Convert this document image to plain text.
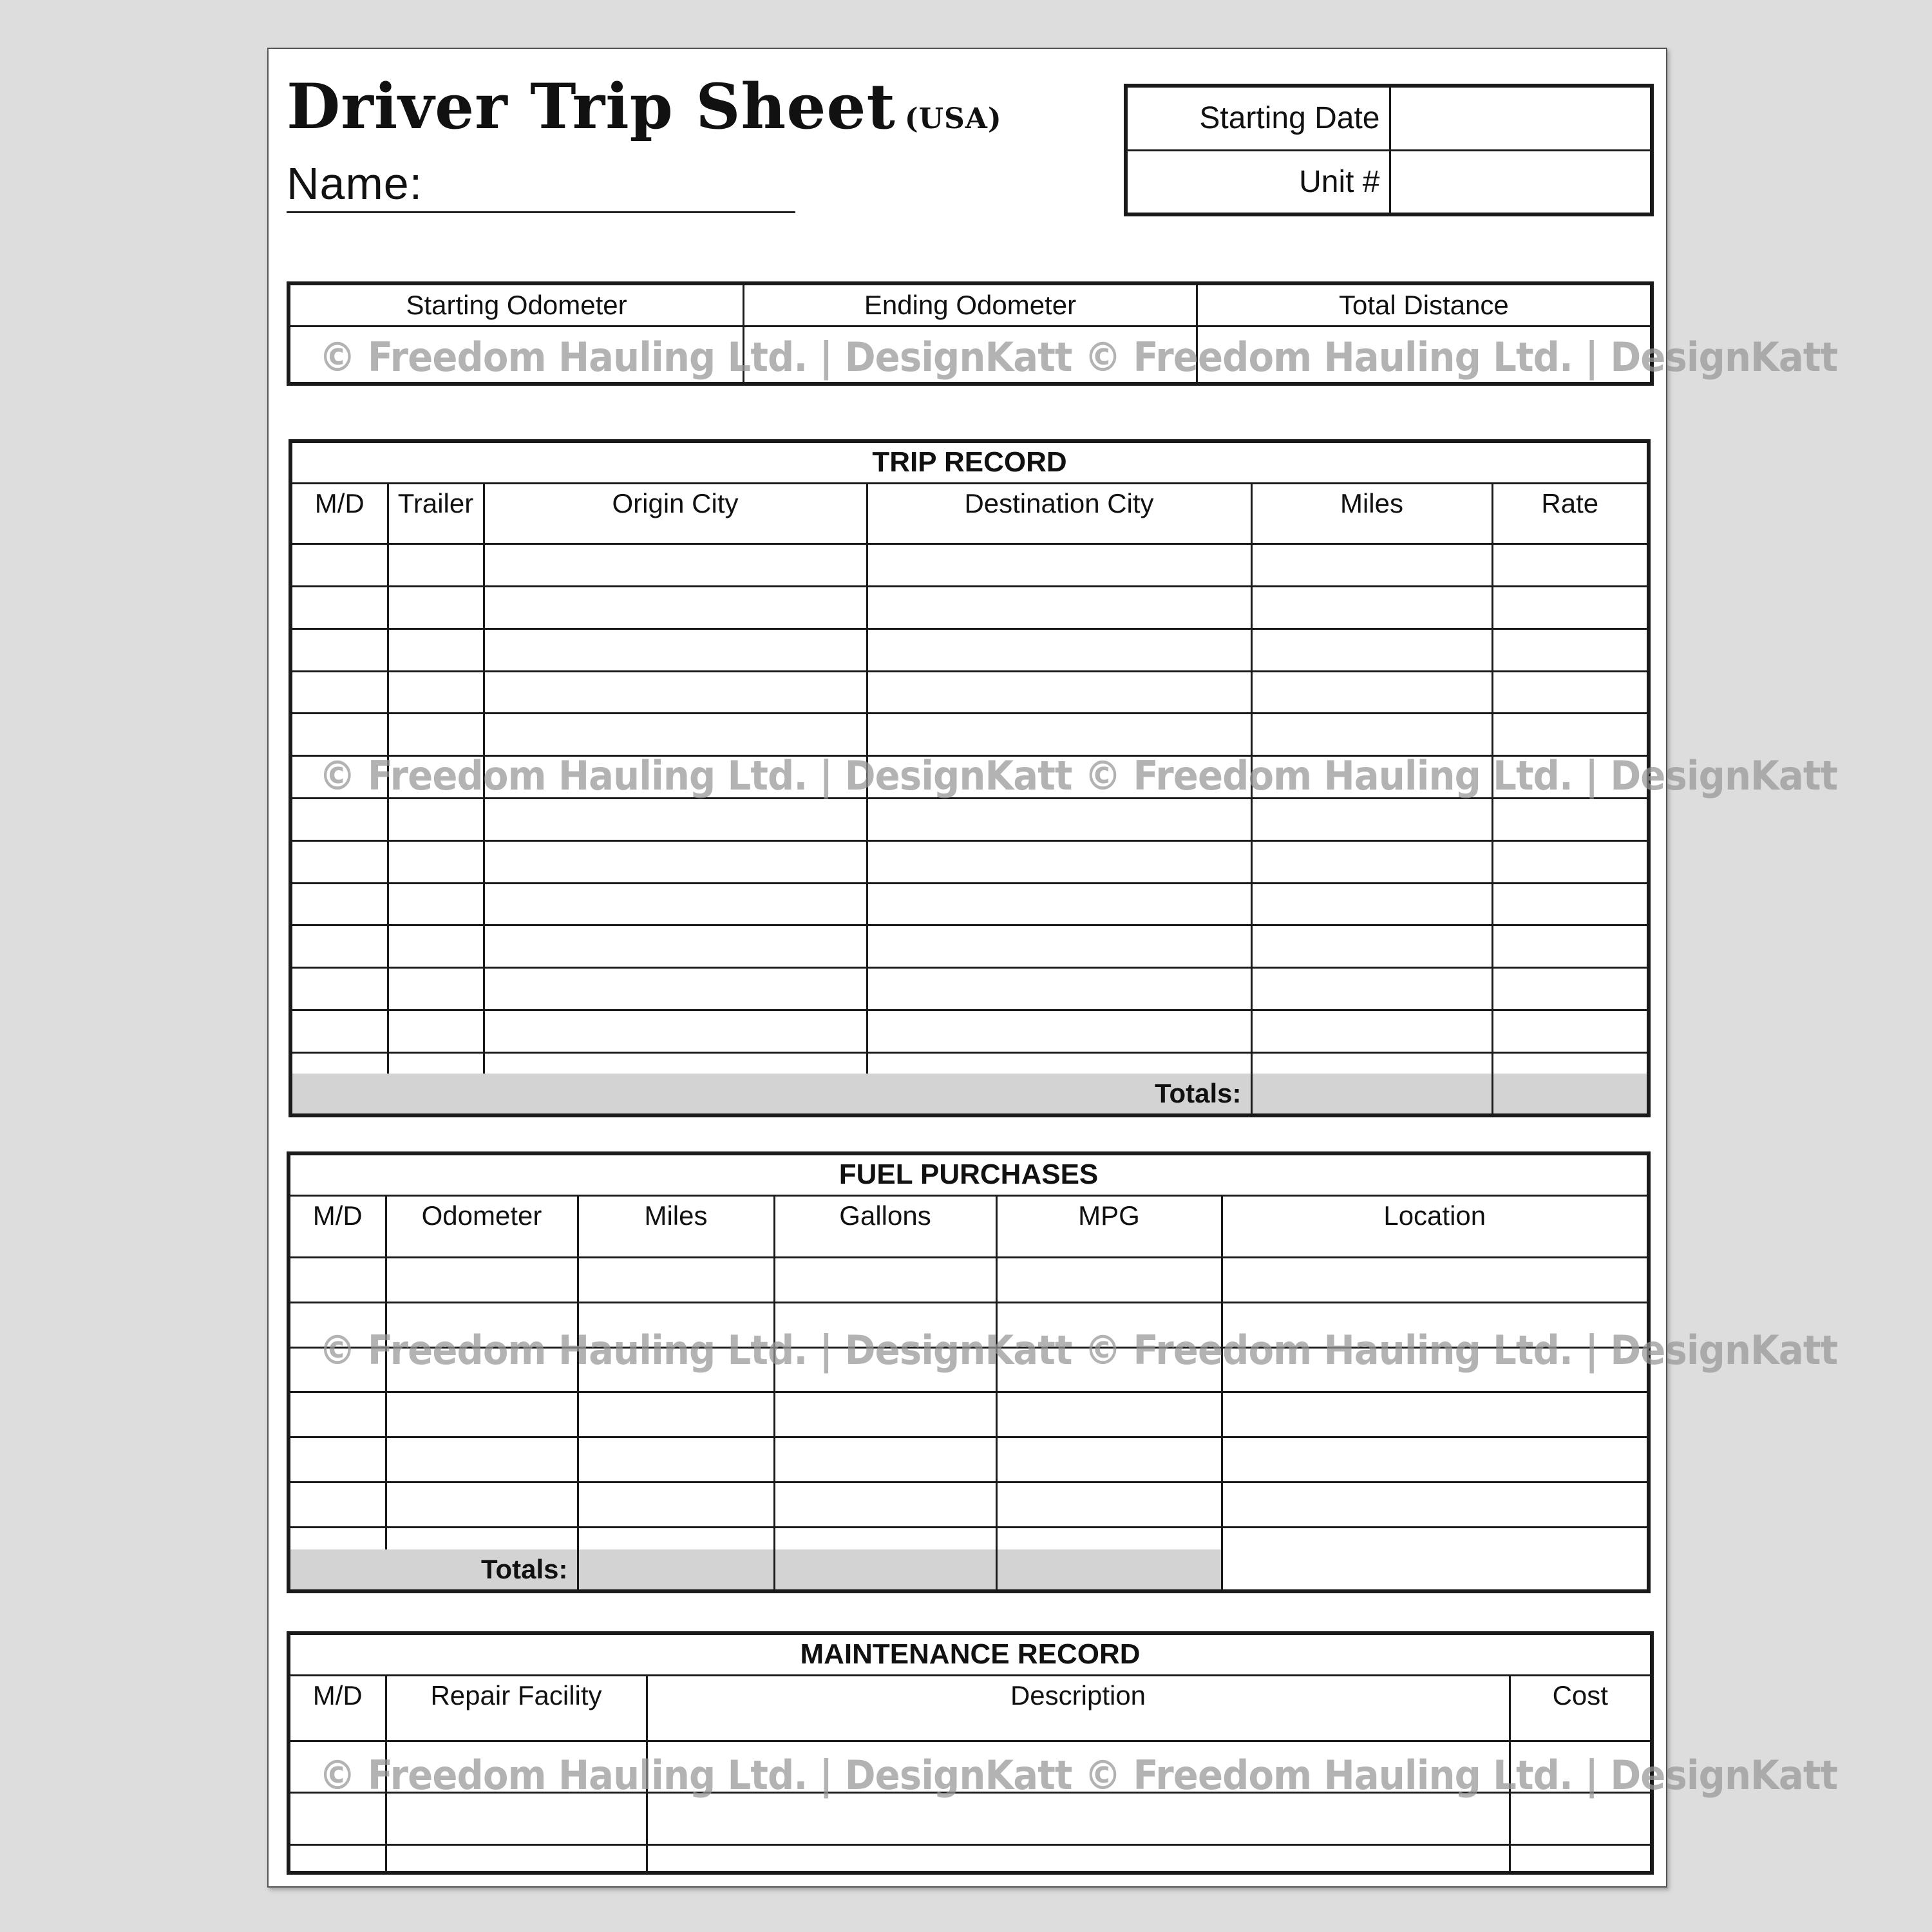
Driver Trip Sheet (USA)
Name:
Starting Date	
Unit #	
Starting Odometer	Ending Odometer	Total Distance

TRIP RECORD					
M/D	Trailer	Origin City	Destination City	Miles	Rate

Totals:					
FUEL PURCHASES					
M/D	Odometer	Miles	Gallons	MPG	Location

Totals:					
MAINTENANCE RECORD			
M/D	Repair Facility	Description	Cost

© Freedom Hauling Ltd. | DesignKatt © Freedom Hauling Ltd. | DesignKatt
© Freedom Hauling Ltd. | DesignKatt © Freedom Hauling Ltd. | DesignKatt
© Freedom Hauling Ltd. | DesignKatt © Freedom Hauling Ltd. | DesignKatt
© Freedom Hauling Ltd. | DesignKatt © Freedom Hauling Ltd. | DesignKatt
